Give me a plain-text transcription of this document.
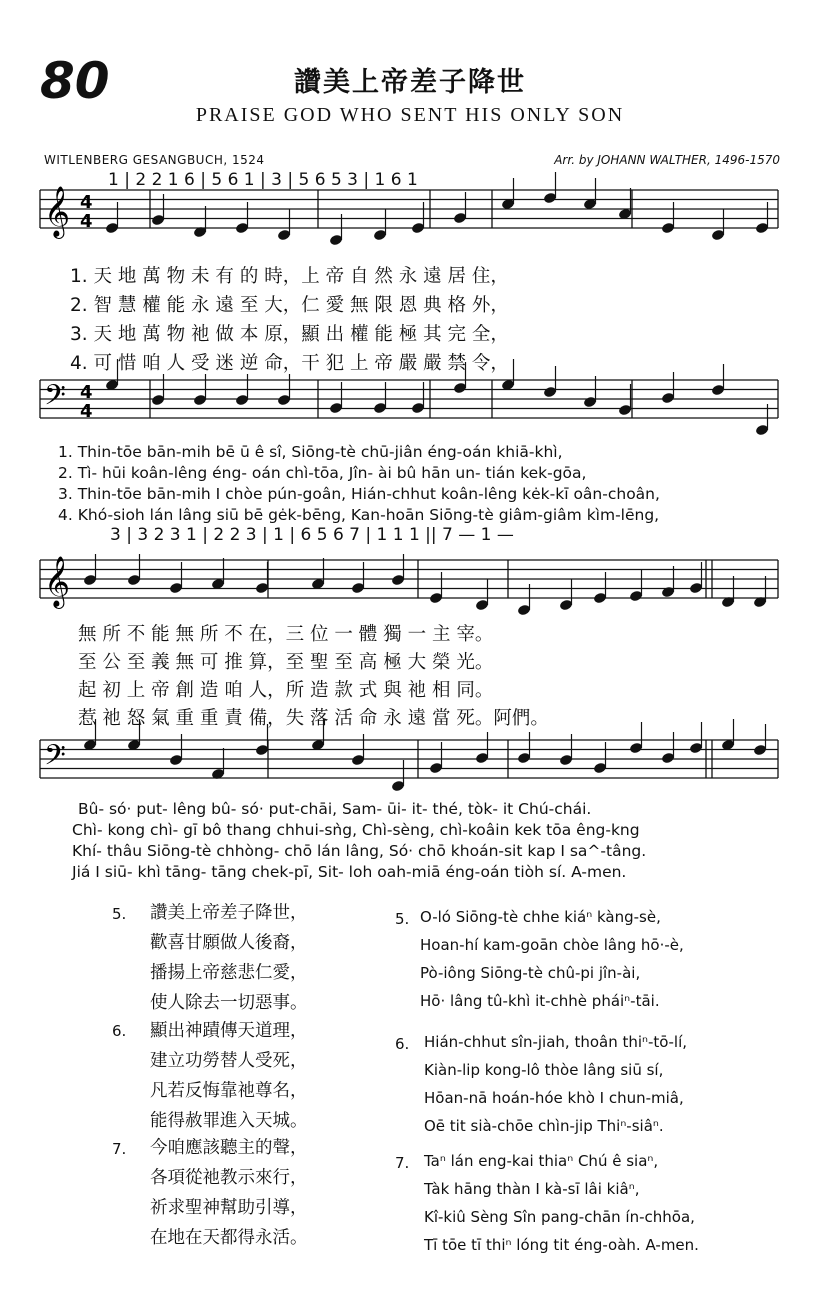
80	讚美上帝差子降世
PRAISE GOD WHO SENT HIS ONLY SON
WITLENBERG GESANGBUCH, 1524	Arr. by JOHANN WALTHER, 1496-1570
𝄞
𝄢
4
4
4
4
𝄞
𝄢
1 | 2 2 1 6 | 5 6 1 | 3 | 5 6 5 3 | 1 6 1
1. 天 地 萬 物 未 有 的 時，上 帝 自 然 永 遠 居 住，
2. 智 慧 權 能 永 遠 至 大，仁 愛 無 限 恩 典 格 外，
3. 天 地 萬 物 祂 做 本 原，顯 出 權 能 極 其 完 全，
4. 可 惜 咱 人 受 迷 逆 命，干 犯 上 帝 嚴 嚴 禁 令，
1. Thin-tōe bān-mih bē ū ê sî, Siōng-tè chū-jiân éng-oán khiā-khì,
2. Tì- hūi koân-lêng éng- oán chì-tōa, Jîn- ài bû hān un- tián kek-gōa,
3. Thin-tōe bān-mih I chòe pún-goân, Hián-chhut koân-lêng kėk-kī oân-choân,
4. Khó-sioh lán lâng siū bē gėk-bēng, Kan-hoān Siōng-tè giâm-giâm kìm-lēng,
3 | 3 2 3 1 | 2 2 3 | 1 | 6 5 6 7 | 1 1 1 || 7 — 1 —
無 所 不 能 無 所 不 在，三 位 一 體 獨 一 主 宰。
至 公 至 義 無 可 推 算，至 聖 至 高 極 大 榮 光。
起 初 上 帝 創 造 咱 人，所 造 款 式 與 祂 相 同。
惹 祂 怒 氣 重 重 責 備，失 落 活 命 永 遠 當 死。阿們。
Bû- só· put- lêng bû- só· put-chāi, Sam- ūi- it- thé, tòk- it Chú-chái.
Chì- kong chì- gī bô thang chhui-sǹg, Chì-sèng, chì-koâin kek tōa êng-kng
Khí- thâu Siōng-tè chhòng- chō lán lâng, Só· chō khoán-sit kap I sa^-tâng.
Jiá I siū- khì tāng- tāng chek-pī, Sit- loh oah-miā éng-oán tiòh sí. A-men.
5. 讚美上帝差子降世，
歡喜甘願做人後裔，
播揚上帝慈悲仁愛，
使人除去一切惡事。
6. 顯出神蹟傳天道理，
建立功勞替人受死，
凡若反悔靠祂尊名，
能得赦罪進入天城。
7. 今咱應該聽主的聲，
各項從祂教示來行，
祈求聖神幫助引導，
在地在天都得永活。
5. O-ló Siōng-tè chhe kiáⁿ kàng-sè,
Hoan-hí kam-goān chòe lâng hō·-è,
Pò-iông Siōng-tè chû-pi jîn-ài,
Hō· lâng tû-khì it-chhè pháiⁿ-tāi.
6. Hián-chhut sîn-jiah, thoân thiⁿ-tō-lí,
Kiàn-lip kong-lô thòe lâng siū sí,
Hōan-nā hoán-hóe khò I chun-miâ,
Oē tit sià-chōe chìn-jip Thiⁿ-siâⁿ.
7. Taⁿ lán eng-kai thiaⁿ Chú ê siaⁿ,
Tàk hāng thàn I kà-sī lâi kiâⁿ,
Kî-kiû Sèng Sîn pang-chān ín-chhōa,
Tī tōe tī thiⁿ lóng tit éng-oàh. A-men.
